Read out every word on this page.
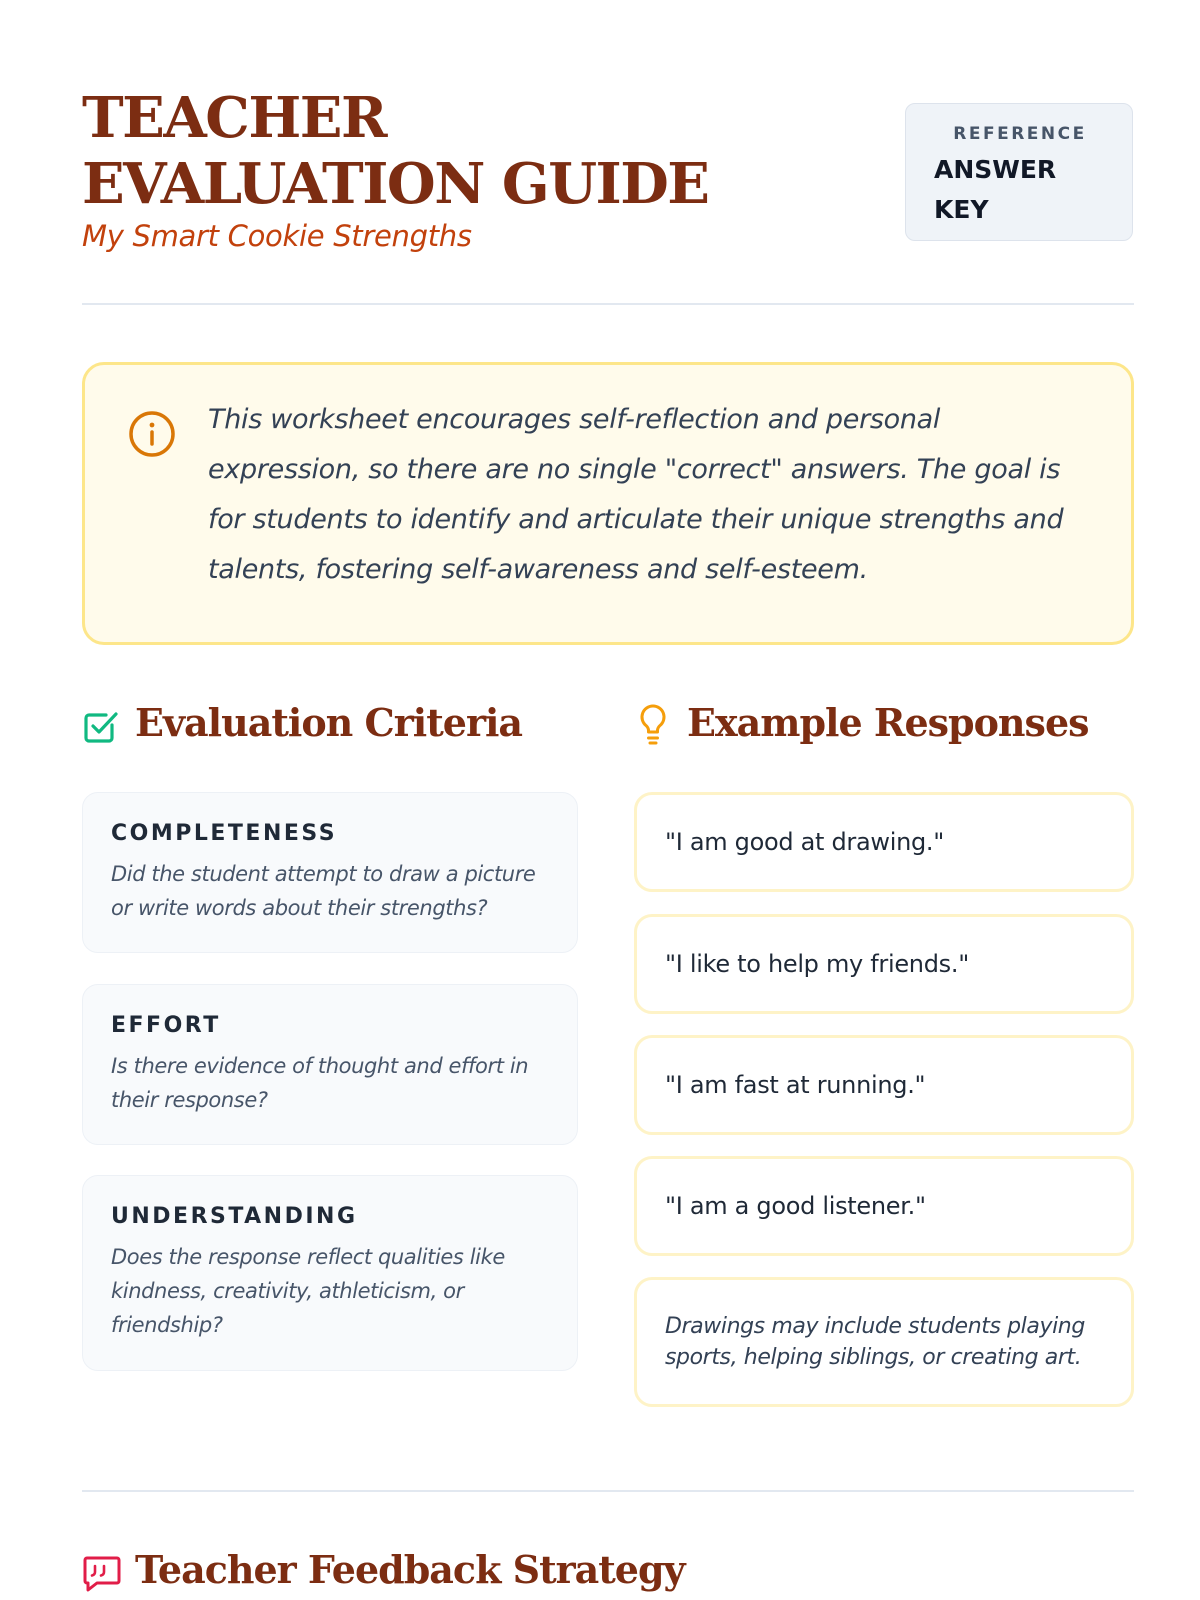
TEACHER EVALUATION GUIDE
My Smart Cookie Strengths
REFERENCE
ANSWER KEY
This worksheet encourages self-reflection and personal expression, so there are no single "correct" answers. The goal is for students to identify and articulate their unique strengths and talents, fostering self-awareness and self-esteem.
Evaluation Criteria
COMPLETENESS
Did the student attempt to draw a picture or write words about their strengths?
EFFORT
Is there evidence of thought and effort in their response?
UNDERSTANDING
Does the response reflect qualities like kindness, creativity, athleticism, or friendship?
Example Responses
"I am good at drawing."
"I like to help my friends."
"I am fast at running."
"I am a good listener."
Drawings may include students playing sports, helping siblings, or creating art.
Teacher Feedback Strategy
